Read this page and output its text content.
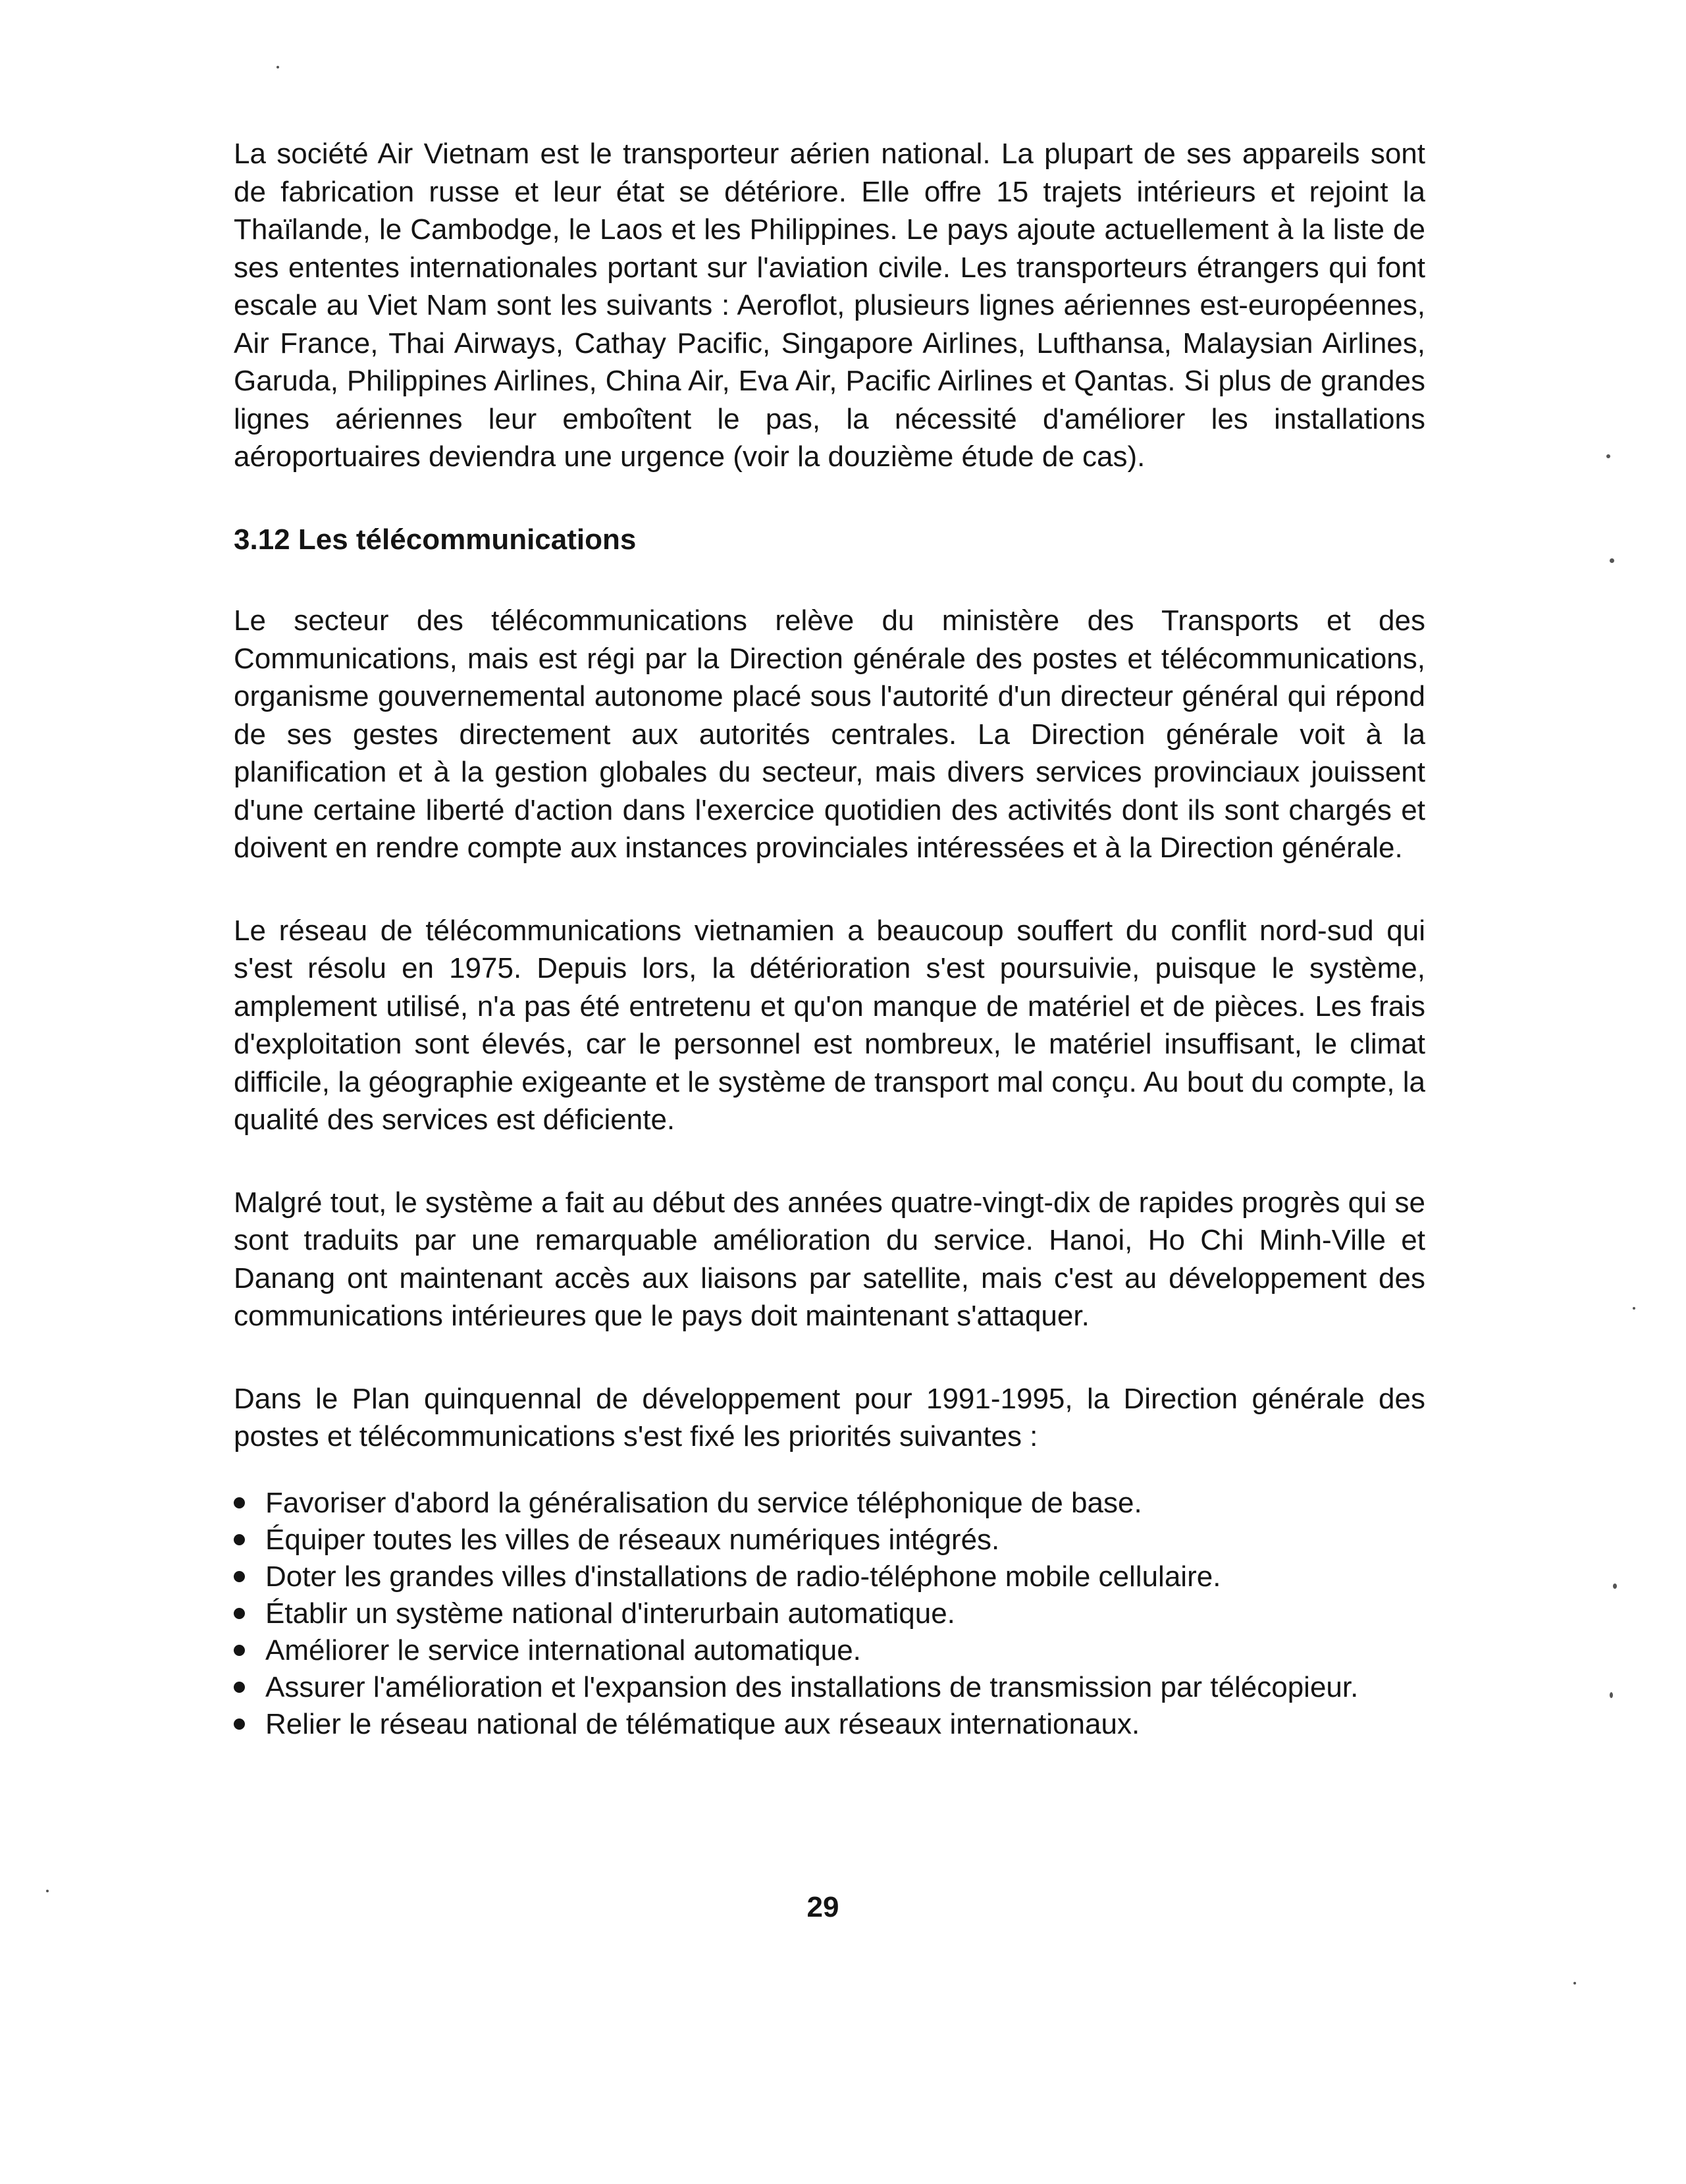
La société Air Vietnam est le transporteur aérien national. La plupart de ses appareils sont de fabrication russe et leur état se détériore. Elle offre 15 trajets intérieurs et rejoint la Thaïlande, le Cambodge, le Laos et les Philippines. Le pays ajoute actuellement à la liste de ses ententes internationales portant sur l'aviation civile. Les transporteurs étrangers qui font escale au Viet Nam sont les suivants : Aeroflot, plusieurs lignes aériennes est-européennes, Air France, Thai Airways, Cathay Pacific, Singapore Airlines, Lufthansa, Malaysian Airlines, Garuda, Philippines Airlines, China Air, Eva Air, Pacific Airlines et Qantas. Si plus de grandes lignes aériennes leur emboîtent le pas, la nécessité d'améliorer les installations aéroportuaires deviendra une urgence (voir la douzième étude de cas).

3.12 Les télécommunications

Le secteur des télécommunications relève du ministère des Transports et des Communications, mais est régi par la Direction générale des postes et télécommunications, organisme gouvernemental autonome placé sous l'autorité d'un directeur général qui répond de ses gestes directement aux autorités centrales. La Direction générale voit à la planification et à la gestion globales du secteur, mais divers services provinciaux jouissent d'une certaine liberté d'action dans l'exercice quotidien des activités dont ils sont chargés et doivent en rendre compte aux instances provinciales intéressées et à la Direction générale.

Le réseau de télécommunications vietnamien a beaucoup souffert du conflit nord-sud qui s'est résolu en 1975. Depuis lors, la détérioration s'est poursuivie, puisque le système, amplement utilisé, n'a pas été entretenu et qu'on manque de matériel et de pièces. Les frais d'exploitation sont élevés, car le personnel est nombreux, le matériel insuffisant, le climat difficile, la géographie exigeante et le système de transport mal conçu. Au bout du compte, la qualité des services est déficiente.

Malgré tout, le système a fait au début des années quatre-vingt-dix de rapides progrès qui se sont traduits par une remarquable amélioration du service. Hanoi, Ho Chi Minh-Ville et Danang ont maintenant accès aux liaisons par satellite, mais c'est au développement des communications intérieures que le pays doit maintenant s'attaquer.

Dans le Plan quinquennal de développement pour 1991-1995, la Direction générale des postes et télécommunications s'est fixé les priorités suivantes :

Favoriser d'abord la généralisation du service téléphonique de base.
Équiper toutes les villes de réseaux numériques intégrés.
Doter les grandes villes d'installations de radio-téléphone mobile cellulaire.
Établir un système national d'interurbain automatique.
Améliorer le service international automatique.
Assurer l'amélioration et l'expansion des installations de transmission par télécopieur.
Relier le réseau national de télématique aux réseaux internationaux.
29
